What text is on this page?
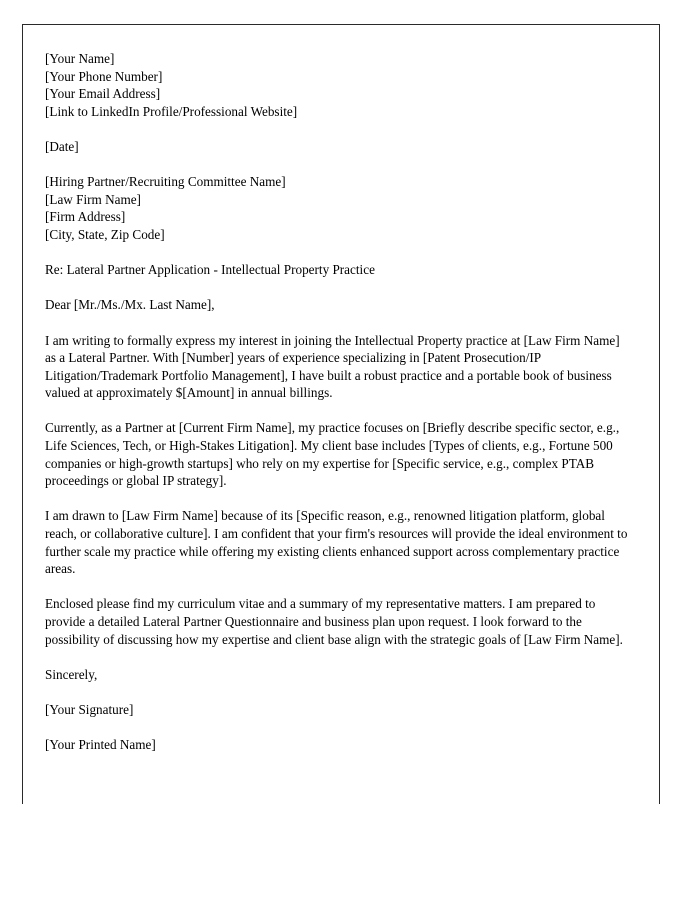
[Your Name]
[Your Phone Number]
[Your Email Address]
[Link to LinkedIn Profile/Professional Website]
[Date]
[Hiring Partner/Recruiting Committee Name]
[Law Firm Name]
[Firm Address]
[City, State, Zip Code]
Re: Lateral Partner Application - Intellectual Property Practice
Dear [Mr./Ms./Mx. Last Name],

I am writing to formally express my interest in joining the Intellectual Property practice at [Law Firm Name] as a Lateral Partner. With [Number] years of experience specializing in [Patent Prosecution/IP Litigation/Trademark Portfolio Management], I have built a robust practice and a portable book of business valued at approximately $[Amount] in annual billings.

Currently, as a Partner at [Current Firm Name], my practice focuses on [Briefly describe specific sector, e.g., Life Sciences, Tech, or High-Stakes Litigation]. My client base includes [Types of clients, e.g., Fortune 500 companies or high-growth startups] who rely on my expertise for [Specific service, e.g., complex PTAB proceedings or global IP strategy].

I am drawn to [Law Firm Name] because of its [Specific reason, e.g., renowned litigation platform, global reach, or collaborative culture]. I am confident that your firm's resources will provide the ideal environment to further scale my practice while offering my existing clients enhanced support across complementary practice areas.

Enclosed please find my curriculum vitae and a summary of my representative matters. I am prepared to provide a detailed Lateral Partner Questionnaire and business plan upon request. I look forward to the possibility of discussing how my expertise and client base align with the strategic goals of [Law Firm Name].

Sincerely,
[Your Signature]
[Your Printed Name]
